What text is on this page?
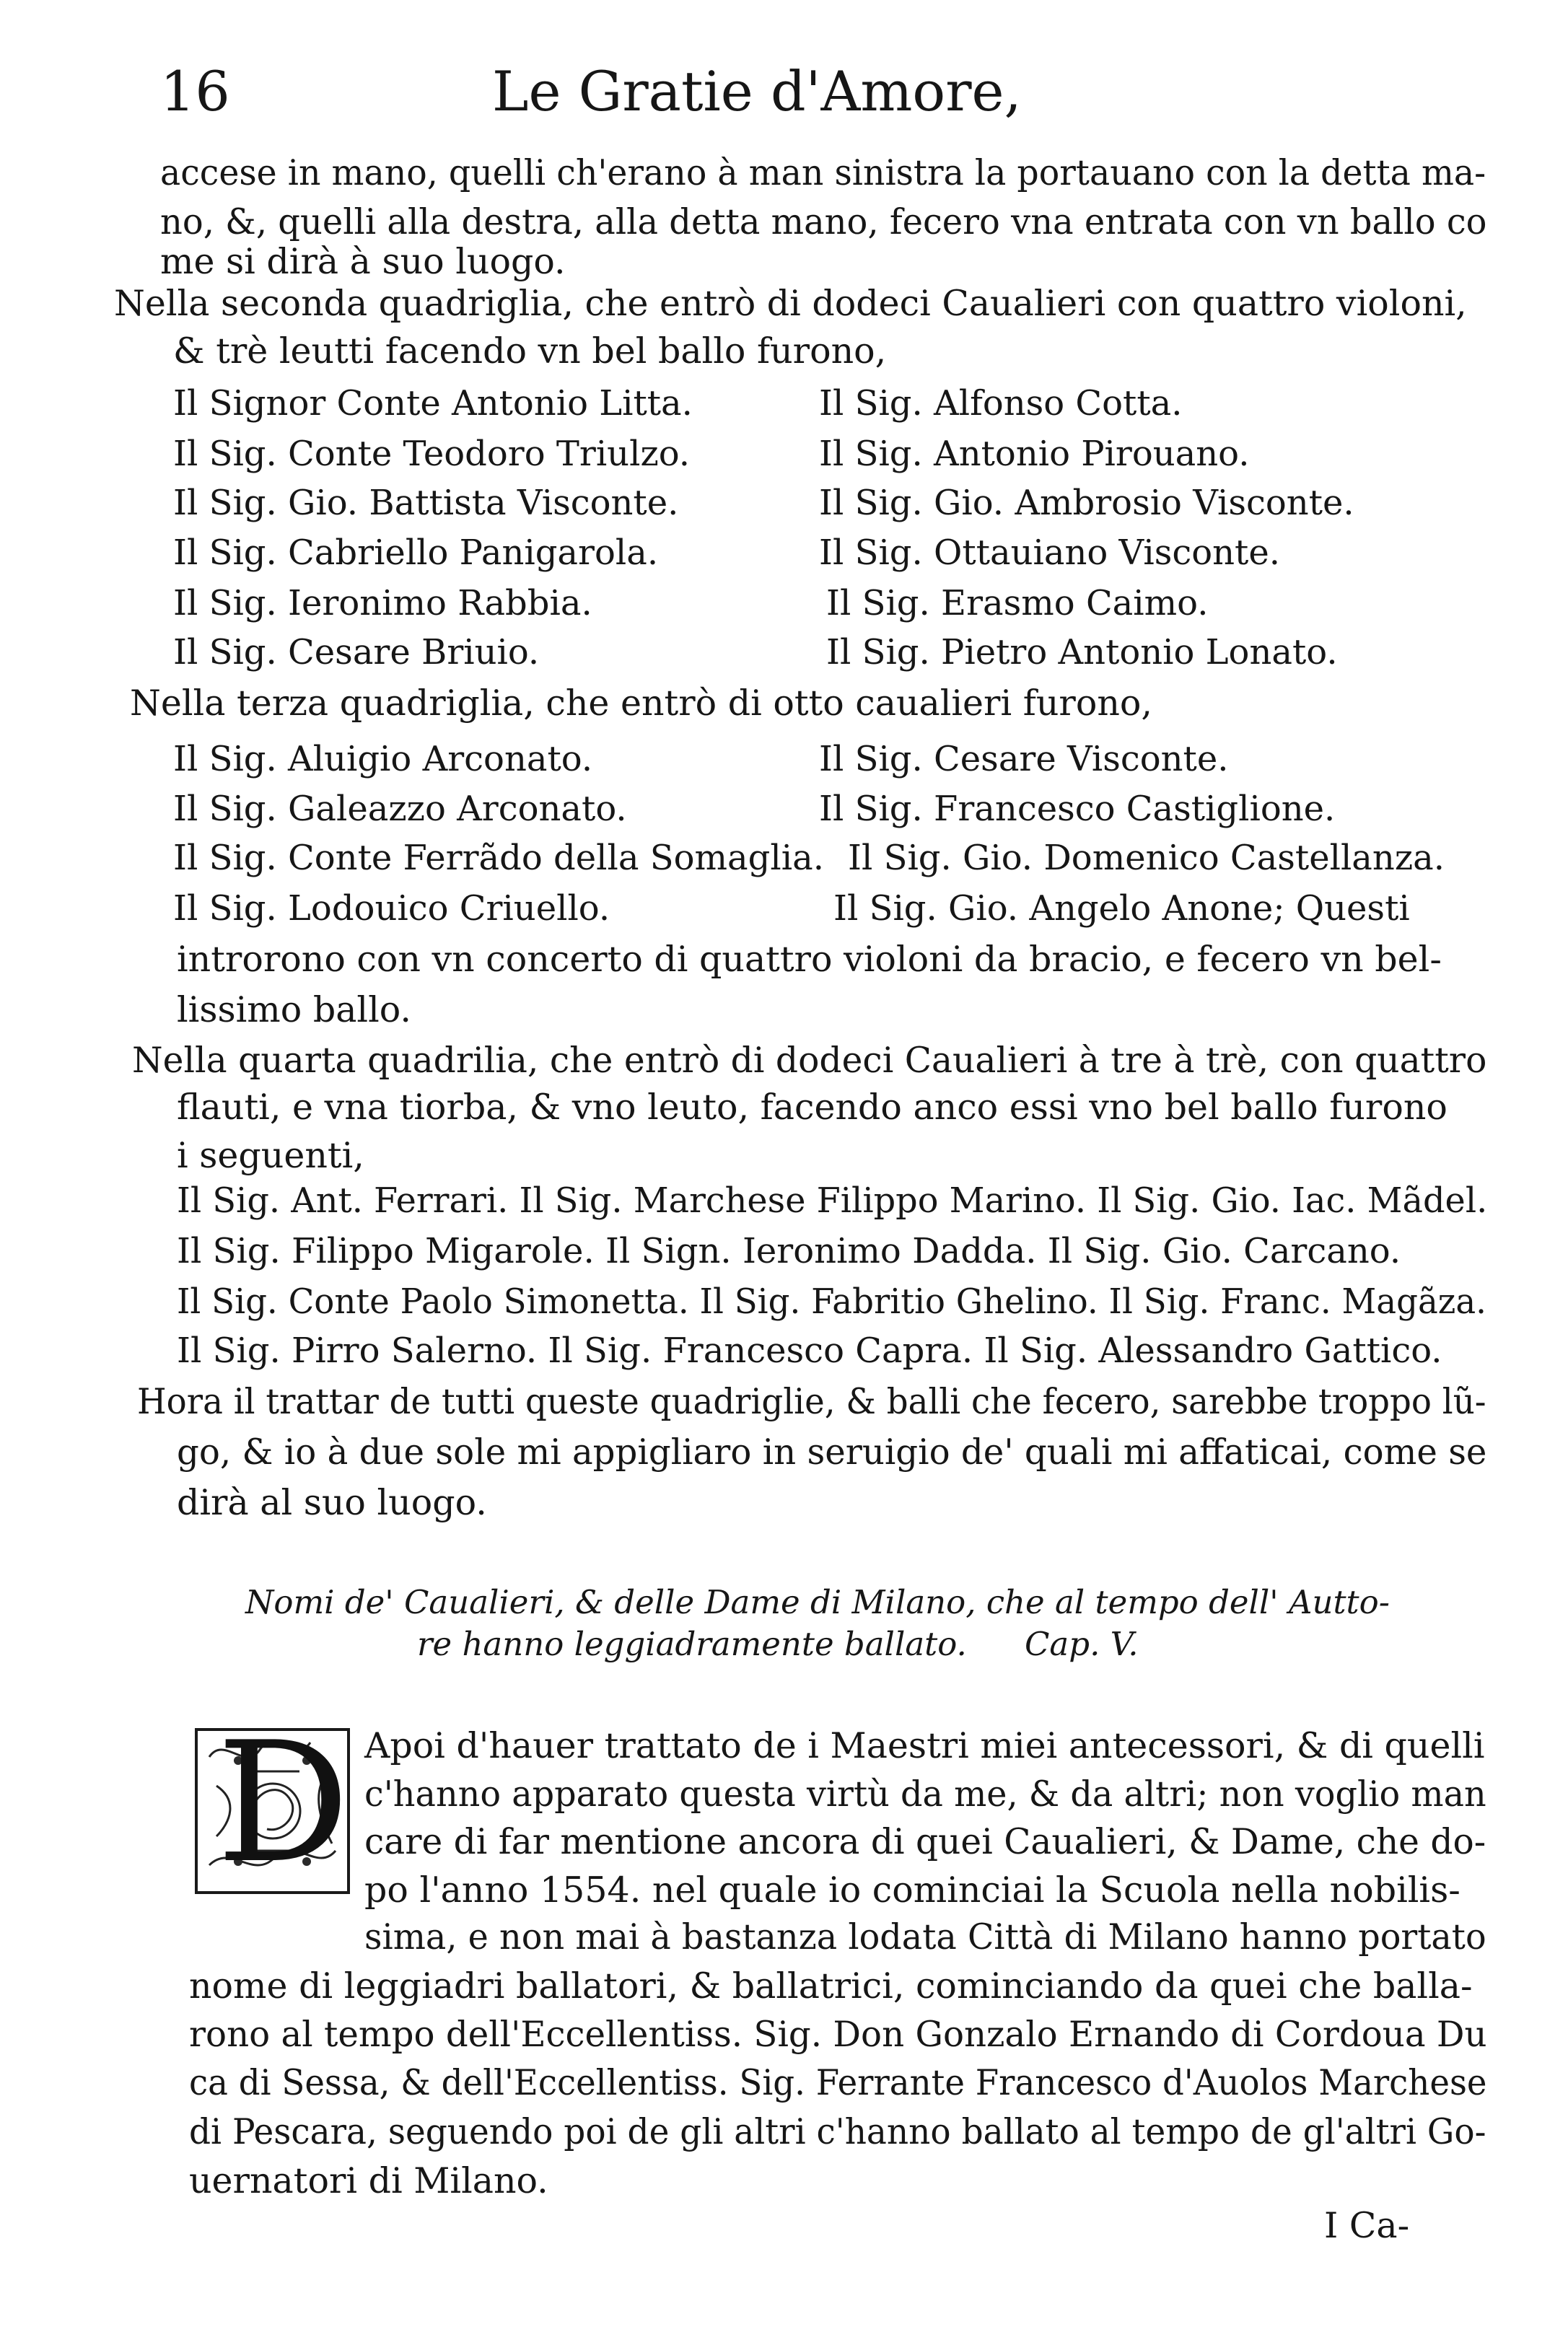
16	Le Gratie d'Amore,
accese in mano, quelli ch'erano à man sinistra la portauano con la detta ma-
no, &, quelli alla destra, alla detta mano, fecero vna entrata con vn ballo co
me si dirà à suo luogo.
Nella seconda quadriglia, che entrò di dodeci Caualieri con quattro violoni,
& trè leutti facendo vn bel ballo furono,
Il Signor Conte Antonio Litta.
Il Sig. Conte Teodoro Triulzo.
Il Sig. Gio. Battista Visconte.
Il Sig. Cabriello Panigarola.
Il Sig. Ieronimo Rabbia.
Il Sig. Cesare Briuio.
Il Sig. Alfonso Cotta.
Il Sig. Antonio Pirouano.
Il Sig. Gio. Ambrosio Visconte.
Il Sig. Ottauiano Visconte.
Il Sig. Erasmo Caimo.
Il Sig. Pietro Antonio Lonato.
Nella terza quadriglia, che entrò di otto caualieri furono,
Il Sig. Aluigio Arconato.
Il Sig. Galeazzo Arconato.
Il Sig. Conte Ferrãdo della Somaglia.
Il Sig. Lodouico Criuello.
Il Sig. Cesare Visconte.
Il Sig. Francesco Castiglione.
Il Sig. Gio. Domenico Castellanza.
Il Sig. Gio. Angelo Anone; Questi
introrono con vn concerto di quattro violoni da bracio, e fecero vn bel-
lissimo ballo.
Nella quarta quadrilia, che entrò di dodeci Caualieri à tre à trè, con quattro
flauti, e vna tiorba, & vno leuto, facendo anco essi vno bel ballo furono
i seguenti,
Il Sig. Ant. Ferrari. Il Sig. Marchese Filippo Marino. Il Sig. Gio. Iac. Mãdel.
Il Sig. Filippo Migarole. Il Sign. Ieronimo Dadda. Il Sig. Gio. Carcano.
Il Sig. Conte Paolo Simonetta. Il Sig. Fabritio Ghelino. Il Sig. Franc. Magãza.
Il Sig. Pirro Salerno. Il Sig. Francesco Capra. Il Sig. Alessandro Gattico.
Hora il trattar de tutti queste quadriglie, & balli che fecero, sarebbe troppo lũ-
go, & io à due sole mi appigliaro in seruigio de' quali mi affaticai, come se
dirà al suo luogo.
Nomi de' Caualieri, & delle Dame di Milano, che al tempo dell' Autto-
re hanno leggiadramente ballato. Cap. V.
D Apoi d'hauer trattato de i Maestri miei antecessori, & di quelli
c'hanno apparato questa virtù da me, & da altri; non voglio man
care di far mentione ancora di quei Caualieri, & Dame, che do-
po l'anno 1554. nel quale io cominciai la Scuola nella nobilis-
sima, e non mai à bastanza lodata Città di Milano hanno portato
nome di leggiadri ballatori, & ballatrici, cominciando da quei che balla-
rono al tempo dell'Eccellentiss. Sig. Don Gonzalo Ernando di Cordoua Du
ca di Sessa, & dell'Eccellentiss. Sig. Ferrante Francesco d'Auolos Marchese
di Pescara, seguendo poi de gli altri c'hanno ballato al tempo de gl'altri Go-
uernatori di Milano.
I Ca-
